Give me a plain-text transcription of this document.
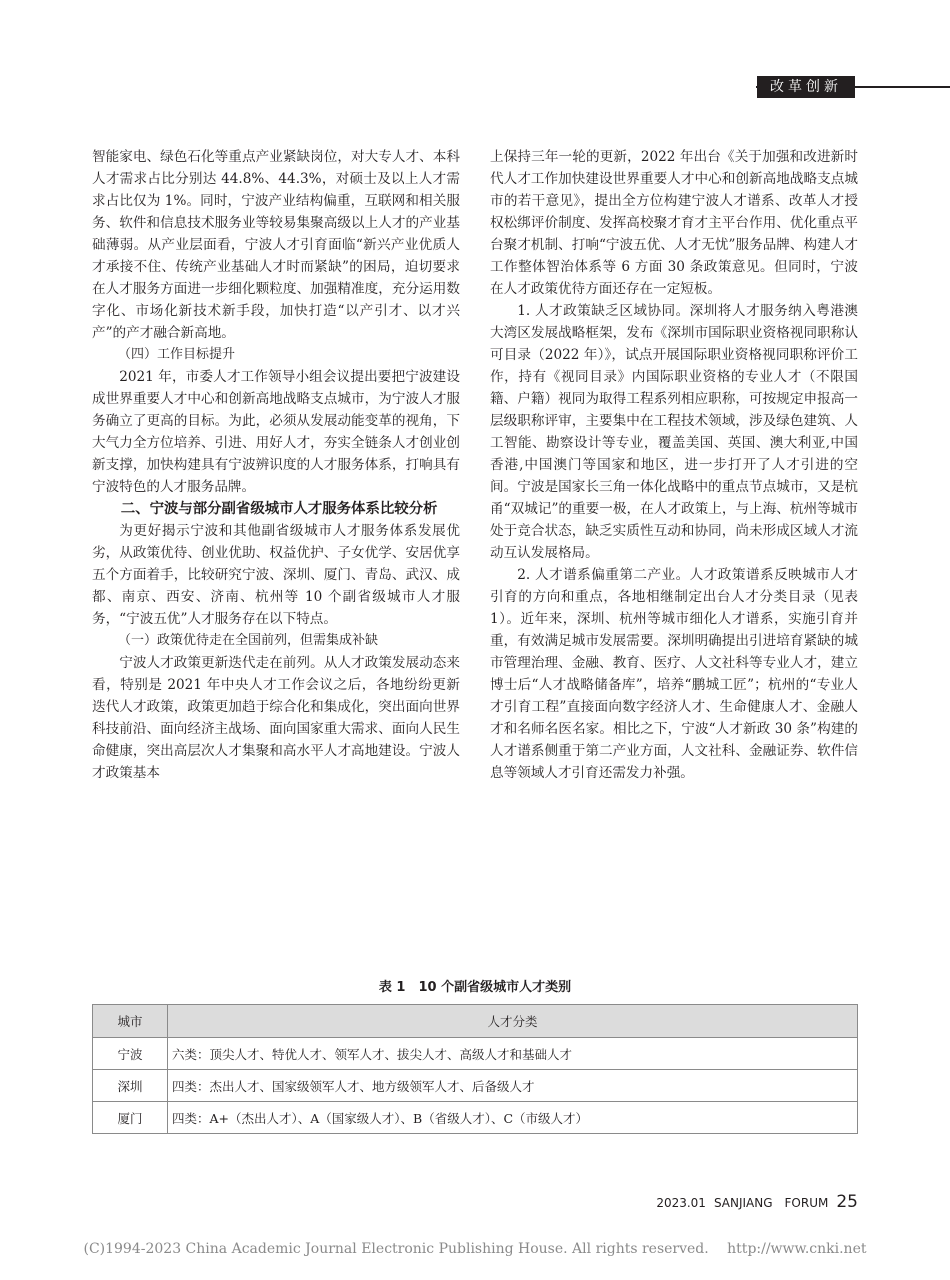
改革创新

智能家电、绿色石化等重点产业紧缺岗位，对大专人才、本科人才需求占比分别达 44.8%、44.3%，对硕士及以上人才需求占比仅为 1%。同时，宁波产业结构偏重，互联网和相关服务、软件和信息技术服务业等较易集聚高级以上人才的产业基础薄弱。从产业层面看，宁波人才引育面临“新兴产业优质人才承接不住、传统产业基础人才时而紧缺”的困局，迫切要求在人才服务方面进一步细化颗粒度、加强精准度，充分运用数字化、市场化新技术新手段，加快打造“以产引才、以才兴产”的产才融合新高地。

（四）工作目标提升

2021 年，市委人才工作领导小组会议提出要把宁波建设成世界重要人才中心和创新高地战略支点城市，为宁波人才服务确立了更高的目标。为此，必须从发展动能变革的视角，下大气力全方位培养、引进、用好人才，夯实全链条人才创业创新支撑，加快构建具有宁波辨识度的人才服务体系，打响具有宁波特色的人才服务品牌。

二、宁波与部分副省级城市人才服务体系比较分析

为更好揭示宁波和其他副省级城市人才服务体系发展优劣，从政策优待、创业优助、权益优护、子女优学、安居优享五个方面着手，比较研究宁波、深圳、厦门、青岛、武汉、成都、南京、西安、济南、杭州等 10 个副省级城市人才服务，“宁波五优”人才服务存在以下特点。

（一）政策优待走在全国前列，但需集成补缺

宁波人才政策更新迭代走在前列。从人才政策发展动态来看，特别是 2021 年中央人才工作会议之后，各地纷纷更新迭代人才政策，政策更加趋于综合化和集成化，突出面向世界科技前沿、面向经济主战场、面向国家重大需求、面向人民生命健康，突出高层次人才集聚和高水平人才高地建设。宁波人才政策基本

上保持三年一轮的更新，2022 年出台《关于加强和改进新时代人才工作加快建设世界重要人才中心和创新高地战略支点城市的若干意见》，提出全方位构建宁波人才谱系、改革人才授权松绑评价制度、发挥高校聚才育才主平台作用、优化重点平台聚才机制、打响“宁波五优、人才无忧”服务品牌、构建人才工作整体智治体系等 6 方面 30 条政策意见。但同时，宁波在人才政策优待方面还存在一定短板。

1. 人才政策缺乏区域协同。深圳将人才服务纳入粤港澳大湾区发展战略框架，发布《深圳市国际职业资格视同职称认可目录（2022 年）》，试点开展国际职业资格视同职称评价工作，持有《视同目录》内国际职业资格的专业人才（不限国籍、户籍）视同为取得工程系列相应职称，可按规定申报高一层级职称评审，主要集中在工程技术领域，涉及绿色建筑、人工智能、勘察设计等专业，覆盖美国、英国、澳大利亚,中国香港,中国澳门等国家和地区，进一步打开了人才引进的空间。宁波是国家长三角一体化战略中的重点节点城市，又是杭甬“双城记”的重要一极，在人才政策上，与上海、杭州等城市处于竞合状态，缺乏实质性互动和协同，尚未形成区域人才流动互认发展格局。

2. 人才谱系偏重第二产业。人才政策谱系反映城市人才引育的方向和重点，各地相继制定出台人才分类目录（见表 1）。近年来，深圳、杭州等城市细化人才谱系，实施引育并重，有效满足城市发展需要。深圳明确提出引进培育紧缺的城市管理治理、金融、教育、医疗、人文社科等专业人才，建立博士后“人才战略储备库”，培养“鹏城工匠”；杭州的“专业人才引育工程”直接面向数字经济人才、生命健康人才、金融人才和名师名医名家。相比之下，宁波“人才新政 30 条”构建的人才谱系侧重于第二产业方面，人文社科、金融证券、软件信息等领域人才引育还需发力补强。

表 1　10 个副省级城市人才类别
城市	人才分类
宁波	六类：顶尖人才、特优人才、领军人才、拔尖人才、高级人才和基础人才
深圳	四类：杰出人才、国家级领军人才、地方级领军人才、后备级人才
厦门	四类：A+（杰出人才）、A（国家级人才）、B（省级人才）、C（市级人才）
2023.01 SANJIANG　FORUM 25
(C)1994-2023 China Academic Journal Electronic Publishing House. All rights reserved.　 http://www.cnki.net
